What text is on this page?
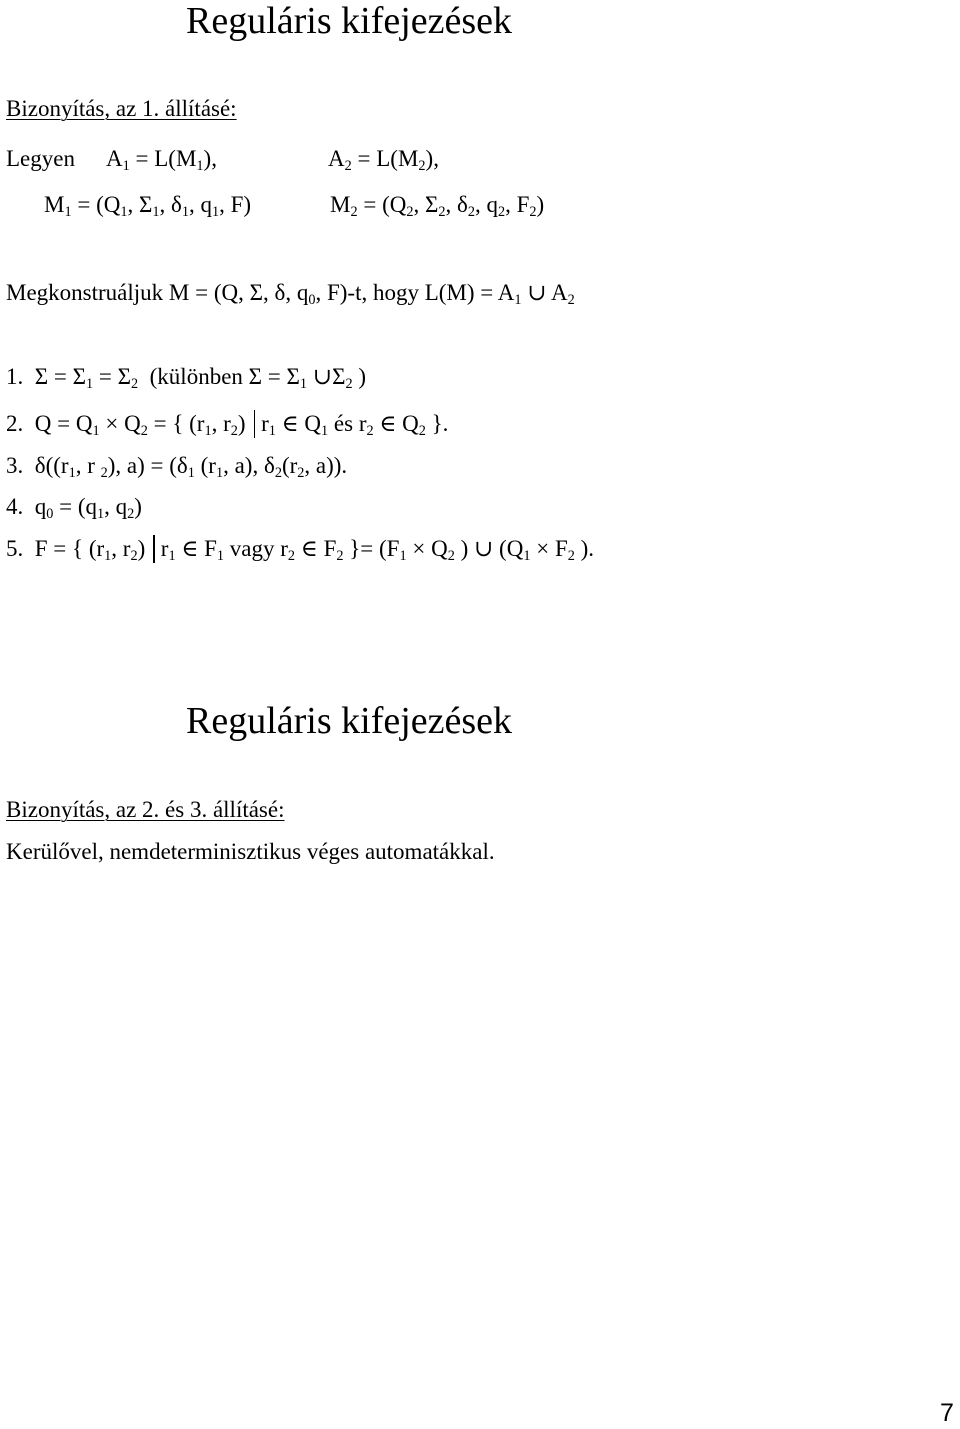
Reguláris kifejezések
Bizonyítás, az 1. állításé:
Legyen $A_1 = L(M_1)$,	$A_2 = L(M_2)$,
$M_1 = (Q_1$, $\Sigma_1$, $\delta_1$, $q_1$, F)	$M_2 = (Q_2$, $\Sigma_2$, $\delta_2$, $q_2$, $F_2$)
Megkonstruáljuk M = (Q, Σ, δ, $q_0$, F)-t, hogy $L(M) = A_1$ ∪ $A_2$
1. $\Sigma = \Sigma_1 = \Sigma_2$ (különben $\Sigma = \Sigma_1$ $\cup\Sigma_2$ )
2. $Q = Q_1 \times Q_2$ = { ($r_1$, $r_2$) $r_1$ ∈ $Q_1$ és $r_2$ ∈ $Q_2$ }.
3. $\delta((r_1$, r $_2$), $a) = (\delta_1$ ($r_1$, a), $\delta_2(r_2$, a)).
4. $q_0 = (q_1$, $q_2$)
5. F = { ($r_1$, $r_2$) $r_1$ ∈ $F_1$ vagy $r_2$ ∈ $F_2$ }= ($F_1 \times Q_2$ ) ∪ ($Q_1 \times F_2$ ).
Reguláris kifejezések
Bizonyítás, az 2. és 3. állításé:
Kerülővel, nemdeterminisztikus véges automatákkal.
7
